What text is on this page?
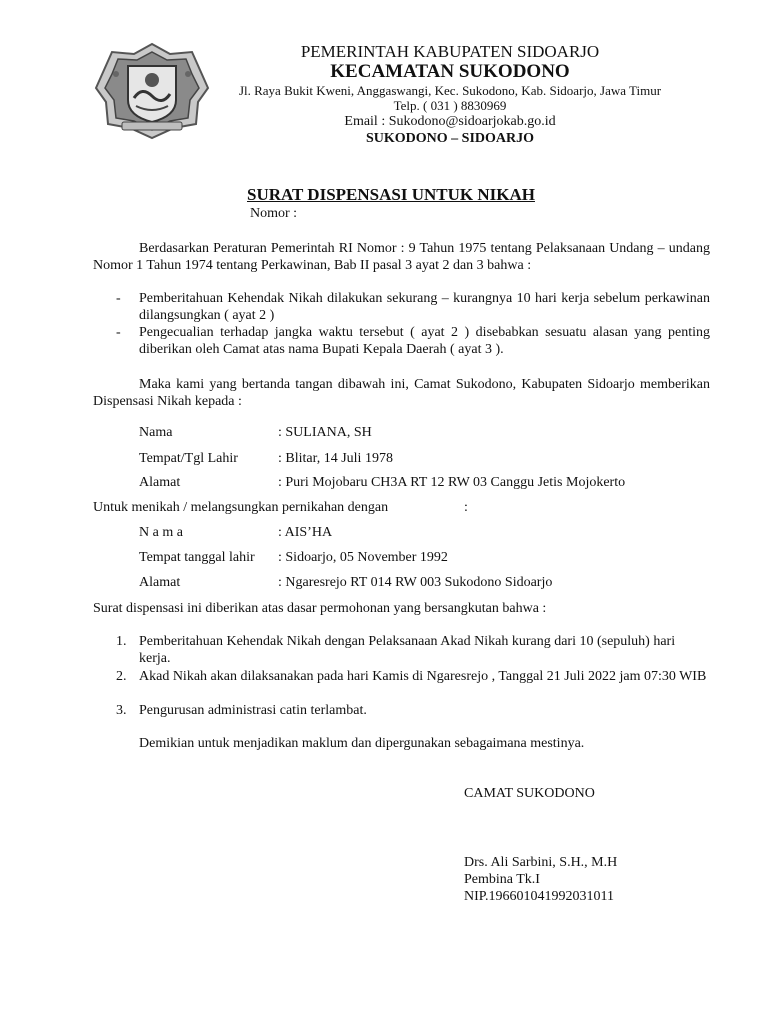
PEMERINTAH KABUPATEN SIDOARJO
KECAMATAN SUKODONO
Jl. Raya Bukit Kweni, Anggaswangi, Kec. Sukodono, Kab. Sidoarjo, Jawa Timur
Telp. ( 031 ) 8830969
Email : Sukodono@sidoarjokab.go.id
SUKODONO – SIDOARJO
SURAT DISPENSASI UNTUK NIKAH
Nomor :
Berdasarkan Peraturan Pemerintah RI Nomor : 9 Tahun 1975 tentang Pelaksanaan Undang – undang Nomor 1 Tahun 1974 tentang Perkawinan, Bab II pasal 3 ayat 2 dan 3 bahwa :
- Pemberitahuan Kehendak Nikah dilakukan sekurang – kurangnya 10 hari kerja sebelum perkawinan dilangsungkan ( ayat 2 )
- Pengecualian terhadap jangka waktu tersebut ( ayat 2 ) disebabkan sesuatu alasan yang penting diberikan oleh Camat atas nama Bupati Kepala Daerah ( ayat 3 ).
Maka kami yang bertanda tangan dibawah ini, Camat Sukodono, Kabupaten Sidoarjo memberikan Dispensasi Nikah kepada :
Nama	: SULIANA, SH
Tempat/Tgl Lahir	: Blitar, 14 Juli 1978
Alamat	: Puri Mojobaru CH3A RT 12 RW 03 Canggu Jetis Mojokerto
Untuk menikah / melangsungkan pernikahan dengan	:
N a m a	: AIS’HA
Tempat tanggal lahir : Sidoarjo, 05 November 1992
Alamat	: Ngaresrejo RT 014 RW 003 Sukodono Sidoarjo
Surat dispensasi ini diberikan atas dasar permohonan yang bersangkutan bahwa :
1. Pemberitahuan Kehendak Nikah dengan Pelaksanaan Akad Nikah kurang dari 10 (sepuluh) hari kerja.
2. Akad Nikah akan dilaksanakan pada hari Kamis di Ngaresrejo , Tanggal 21 Juli 2022 jam 07:30 WIB
3. Pengurusan administrasi catin terlambat.
Demikian untuk menjadikan maklum dan dipergunakan sebagaimana mestinya.
CAMAT SUKODONO
Drs. Ali Sarbini, S.H., M.H
Pembina Tk.I
NIP.196601041992031011
